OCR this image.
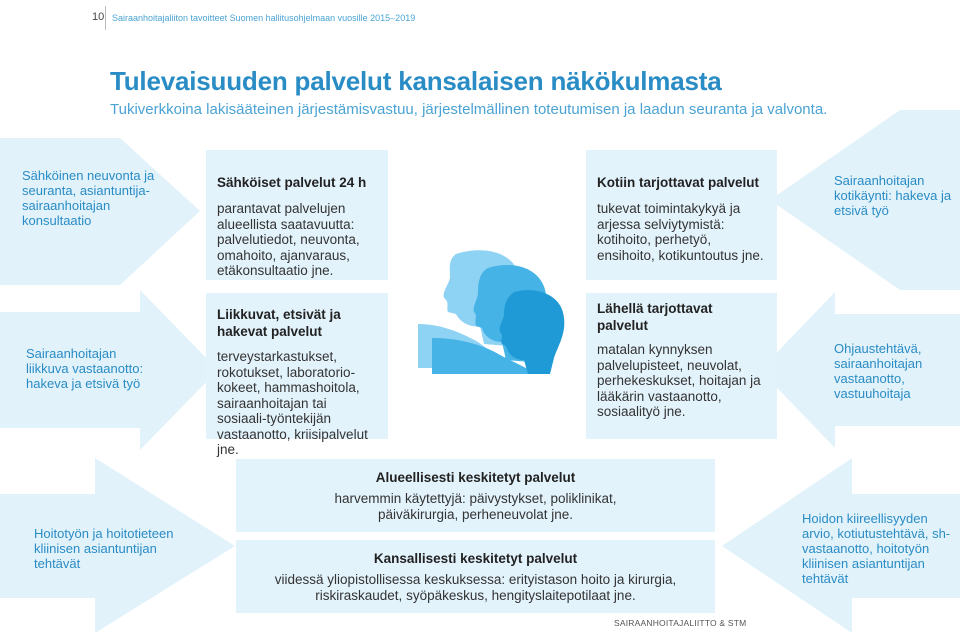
10 Sairaanhoitajaliiton tavoitteet Suomen hallitusohjelmaan vuosille 2015–2019
Tulevaisuuden palvelut kansalaisen näkökulmasta
Tukiverkkoina lakisääteinen järjestämisvastuu, järjestelmällinen toteutumisen ja laadun seuranta ja valvonta.
Sähköinen neuvonta ja seuranta, asiantuntija-sairaanhoitajan konsultaatio
Sairaanhoitajan kotikäynti: hakeva ja etsivä työ
Sairaanhoitajan liikkuva vastaanotto: hakeva ja etsivä työ
Ohjaustehtävä, sairaanhoitajan vastaanotto, vastuuhoitaja
Hoitotyön ja hoitotieteen kliinisen asiantuntijan tehtävät
Hoidon kiireellisyyden arvio, kotiutustehtävä, sh-vastaanotto, hoitotyön kliinisen asiantuntijan tehtävät
Sähköiset palvelut 24 h
parantavat palvelujen alueellista saatavuutta: palvelutiedot, neuvonta, omahoito, ajanvaraus, etäkonsultaatio jne.
Kotiin tarjottavat palvelut
tukevat toimintakykyä ja arjessa selviytymistä: kotihoito, perhetyö, ensihoito, kotikuntoutus jne.
Liikkuvat, etsivät ja hakevat palvelut
terveystarkastukset, rokotukset, laboratorio-kokeet, hammashoitola, sairaanhoitajan tai sosiaali-työntekijän vastaanotto, kriisipalvelut jne.
Lähellä tarjottavat palvelut
matalan kynnyksen palvelupisteet, neuvolat, perhekeskukset, hoitajan ja lääkärin vastaanotto, sosiaalityö jne.
Alueellisesti keskitetyt palvelut
harvemmin käytettyjä: päivystykset, poliklinikat, päiväkirurgia, perheneuvolat jne.
Kansallisesti keskitetyt palvelut
viidessä yliopistollisessa keskuksessa: erityistason hoito ja kirurgia, riskiraskaudet, syöpäkeskus, hengityslaitepotilaat jne.
SAIRAANHOITAJALIITTO & STM
